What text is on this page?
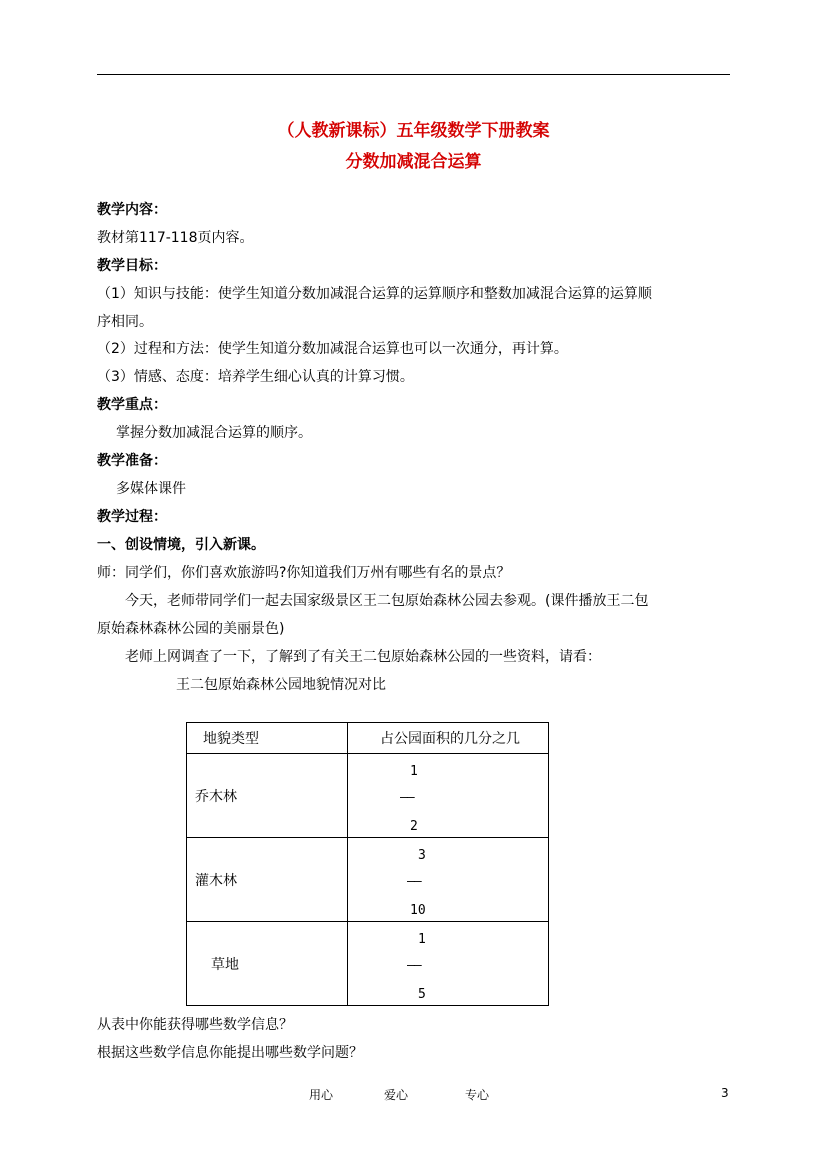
（人教新课标）五年级数学下册教案
分数加减混合运算
教学内容：
教材第117-118页内容。
教学目标：
（1）知识与技能：使学生知道分数加减混合运算的运算顺序和整数加减混合运算的运算顺
序相同。
（2）过程和方法：使学生知道分数加减混合运算也可以一次通分，再计算。
（3）情感、态度：培养学生细心认真的计算习惯。
教学重点：
掌握分数加减混合运算的顺序。
教学准备：
多媒体课件
教学过程：
一、创设情境，引入新课。
师：同学们，你们喜欢旅游吗?你知道我们万州有哪些有名的景点？
今天，老师带同学们一起去国家级景区王二包原始森林公园去参观。(课件播放王二包
原始森林森林公园的美丽景色)
老师上网调查了一下，了解到了有关王二包原始森林公园的一些资料，请看：
王二包原始森林公园地貌情况对比
地貌类型	占公园面积的几分之几
乔木林	1
——
2

灌木林	3
——
10

草地	1
——
5
从表中你能获得哪些数学信息？
根据这些数学信息你能提出哪些数学问题？
用心	爱心	专心	3
